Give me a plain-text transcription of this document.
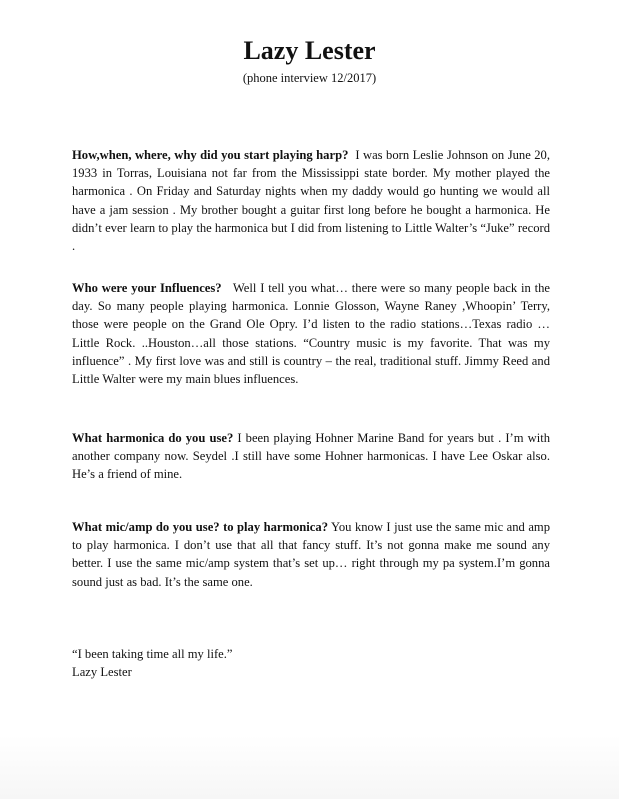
Lazy Lester
(phone interview 12/2017)

How,when, where, why did you start playing harp? I was born Leslie Johnson on June 20, 1933 in Torras, Louisiana not far from the Mississippi state border. My mother played the harmonica . On Friday and Saturday nights when my daddy would go hunting we would all have a jam session . My brother bought a guitar first long before he bought a harmonica. He didn’t ever learn to play the harmonica but I did from listening to Little Walter’s “Juke” record .

Who were your Influences? Well I tell you what… there were so many people back in the day. So many people playing harmonica. Lonnie Glosson, Wayne Raney ,Whoopin’ Terry, those were people on the Grand Ole Opry. I’d listen to the radio stations…Texas radio … Little Rock. ..Houston…all those stations. “Country music is my favorite. That was my influence” . My first love was and still is country – the real, traditional stuff. Jimmy Reed and Little Walter were my main blues influences.

What harmonica do you use? I been playing Hohner Marine Band for years but . I’m with another company now. Seydel .I still have some Hohner harmonicas. I have Lee Oskar also. He’s a friend of mine.

What mic/amp do you use? to play harmonica? You know I just use the same mic and amp to play harmonica. I don’t use that all that fancy stuff. It’s not gonna make me sound any better. I use the same mic/amp system that’s set up… right through my pa system.I’m gonna sound just as bad. It’s the same one.

“I been taking time all my life.”
Lazy Lester
